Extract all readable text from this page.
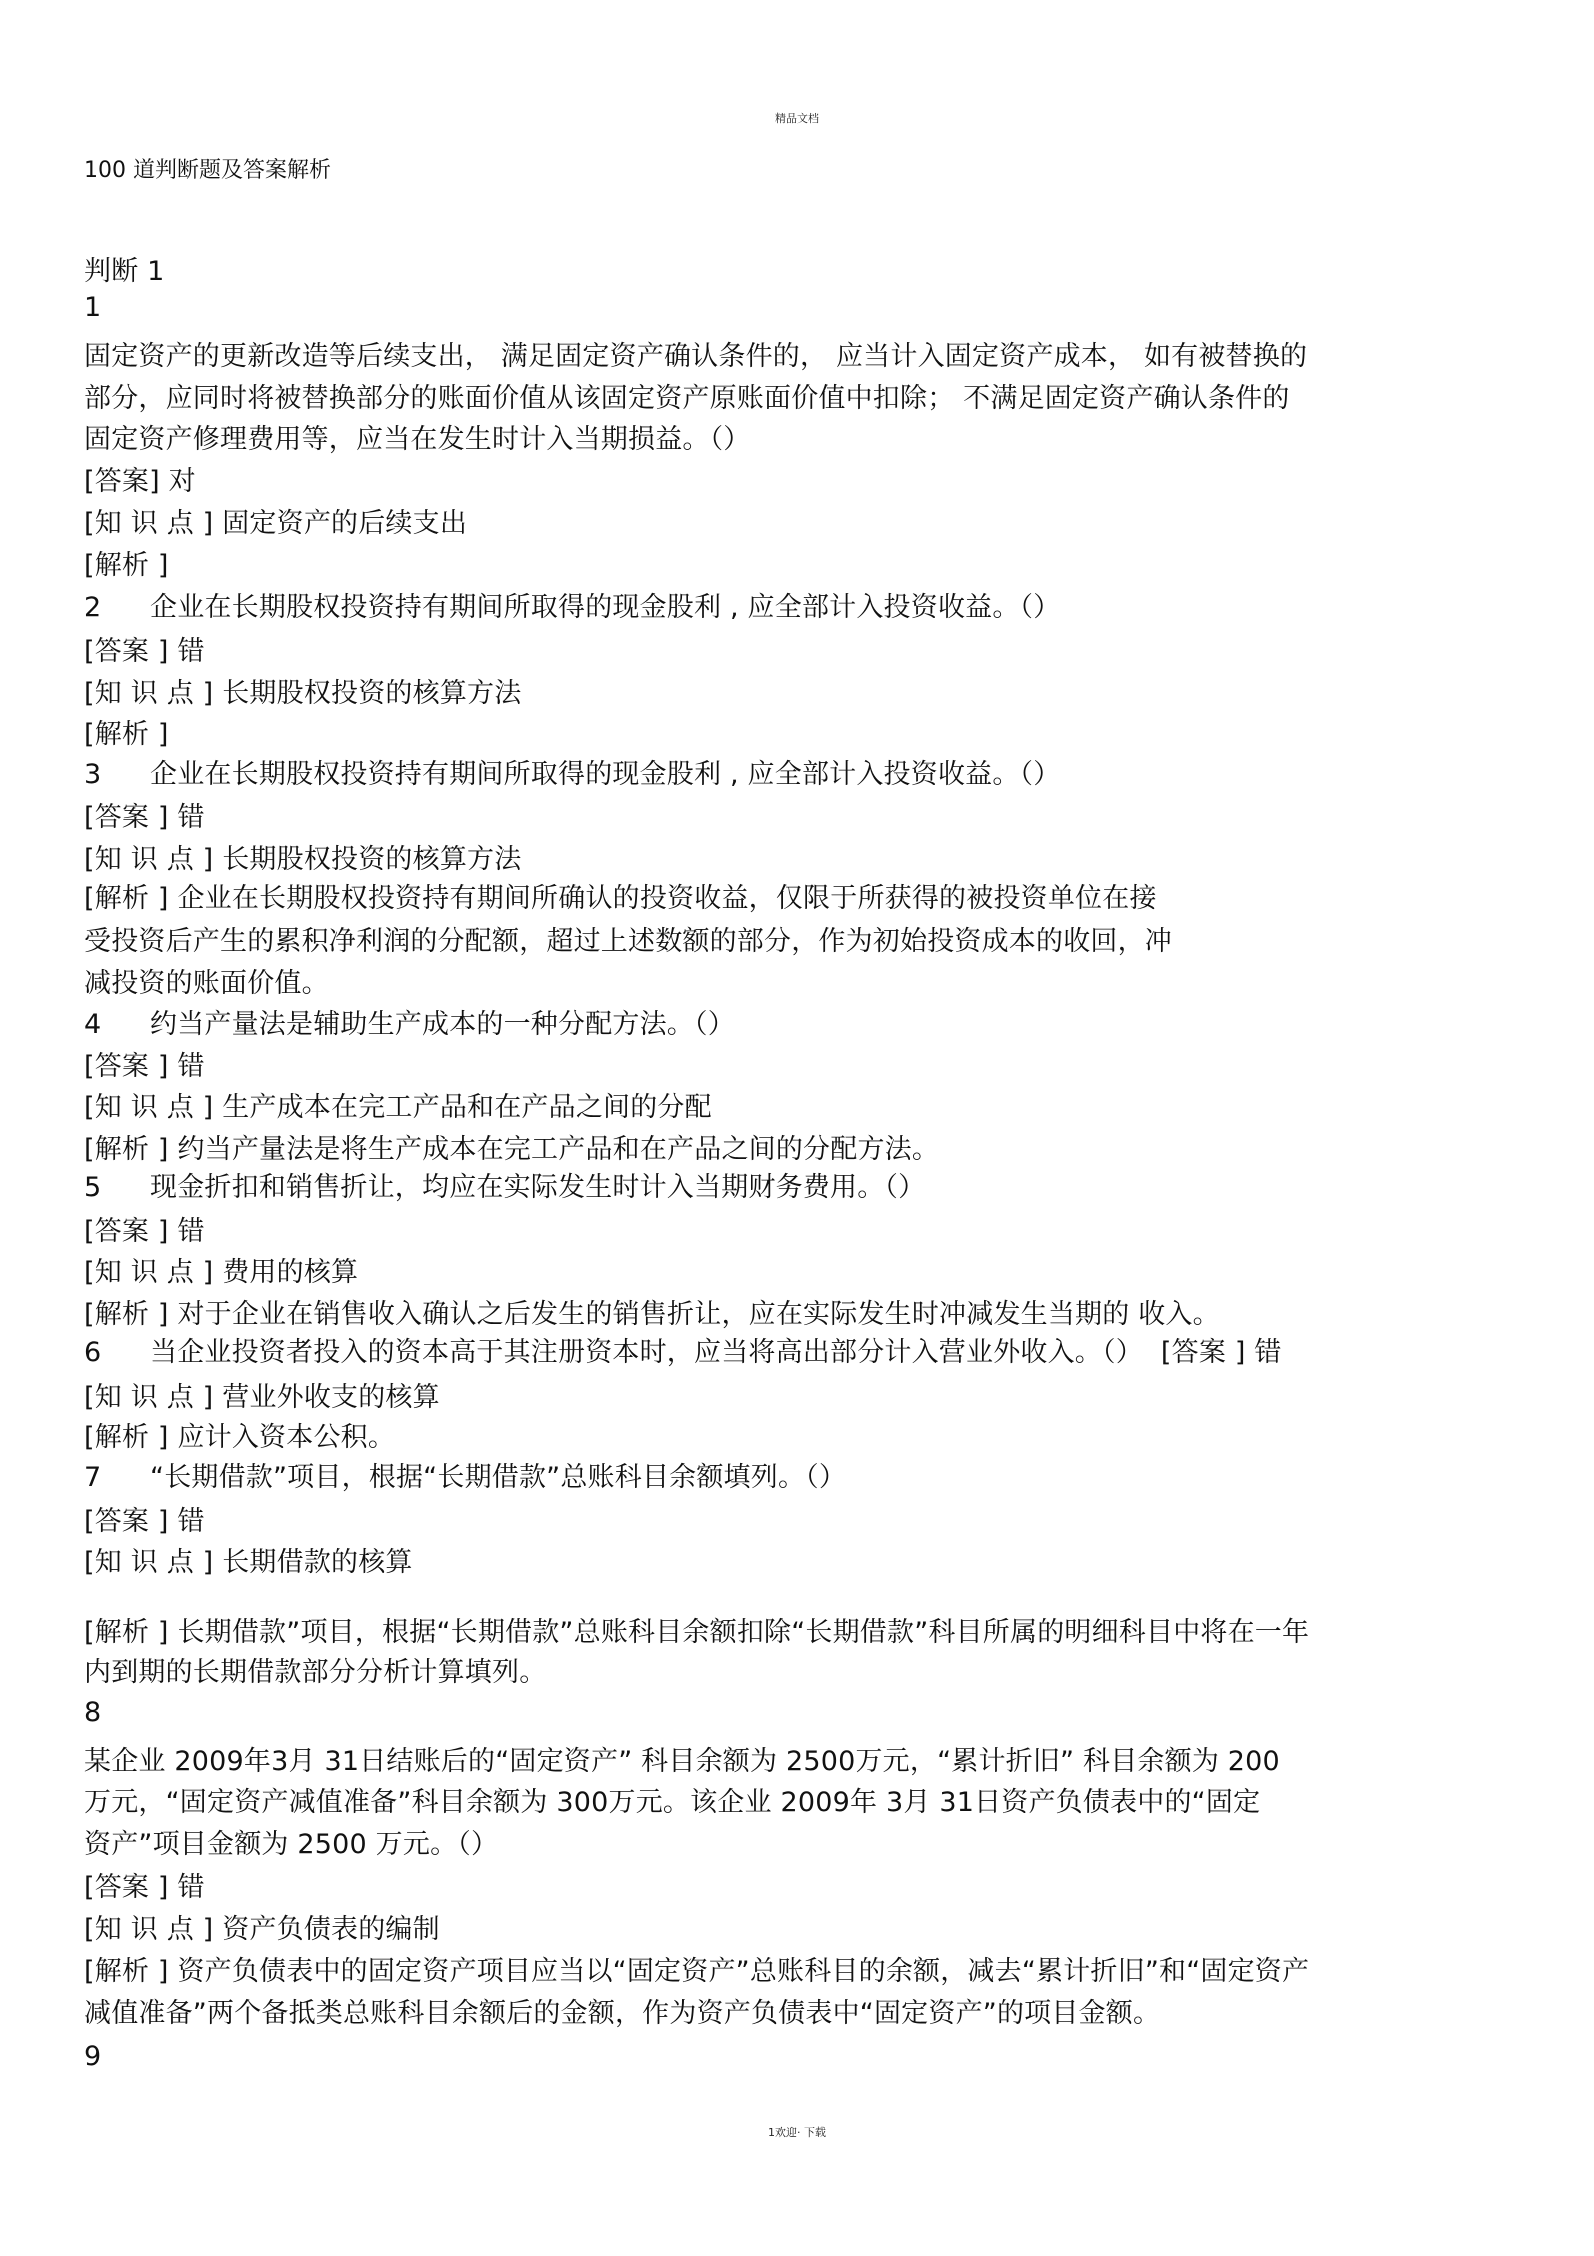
精品文档
100 道判断题及答案解析
判断 1
1
固定资产的更新改造等后续支出， 满足固定资产确认条件的， 应当计入固定资产成本， 如有被替换的
部分，应同时将被替换部分的账面价值从该固定资产原账面价值中扣除； 不满足固定资产确认条件的
固定资产修理费用等，应当在发生时计入当期损益。（）
[答案] 对
[知 识 点 ] 固定资产的后续支出
[解析 ]
2 企业在长期股权投资持有期间所取得的现金股利 , 应全部计入投资收益。（）
[答案 ] 错
[知 识 点 ] 长期股权投资的核算方法
[解析 ]
3 企业在长期股权投资持有期间所取得的现金股利 , 应全部计入投资收益。（）
[答案 ] 错
[知 识 点 ] 长期股权投资的核算方法
[解析 ] 企业在长期股权投资持有期间所确认的投资收益，仅限于所获得的被投资单位在接
受投资后产生的累积净利润的分配额，超过上述数额的部分，作为初始投资成本的收回，冲
减投资的账面价值。
4 约当产量法是辅助生产成本的一种分配方法。（）
[答案 ] 错
[知 识 点 ] 生产成本在完工产品和在产品之间的分配
[解析 ] 约当产量法是将生产成本在完工产品和在产品之间的分配方法。
5 现金折扣和销售折让，均应在实际发生时计入当期财务费用。（）
[答案 ] 错
[知 识 点 ] 费用的核算
[解析 ] 对于企业在销售收入确认之后发生的销售折让，应在实际发生时冲减发生当期的 收入。
6 当企业投资者投入的资本高于其注册资本时，应当将高出部分计入营业外收入。（） [答案 ] 错
[知 识 点 ] 营业外收支的核算
[解析 ] 应计入资本公积。
7 “长期借款”项目，根据“长期借款”总账科目余额填列。（）
[答案 ] 错
[知 识 点 ] 长期借款的核算
[解析 ] 长期借款”项目，根据“长期借款”总账科目余额扣除“长期借款”科目所属的明细科目中将在一年
内到期的长期借款部分分析计算填列。
8
某企业 2009年3月 31日结账后的“固定资产” 科目余额为 2500万元，“累计折旧” 科目余额为 200
万元，“固定资产减值准备”科目余额为 300万元。该企业 2009年 3月 31日资产负债表中的“固定
资产”项目金额为 2500 万元。（）
[答案 ] 错
[知 识 点 ] 资产负债表的编制
[解析 ] 资产负债表中的固定资产项目应当以“固定资产”总账科目的余额，减去“累计折旧”和“固定资产
减值准备”两个备抵类总账科目余额后的金额，作为资产负债表中“固定资产”的项目金额。
9
1欢迎· 下载
